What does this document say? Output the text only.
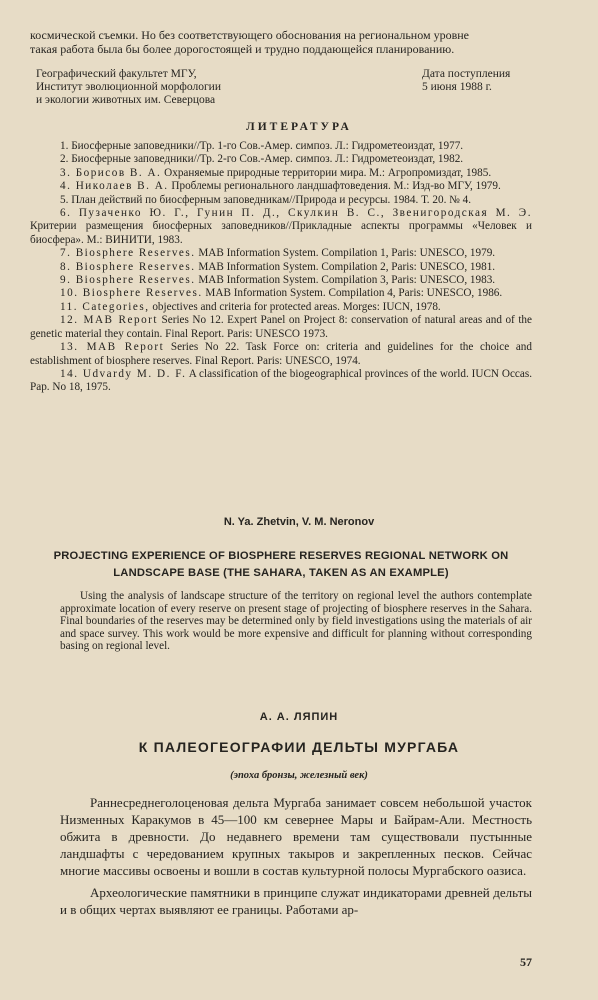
космической съемки. Но без соответствующего обоснования на региональном уровне
такая работа была бы более дорогостоящей и трудно поддающейся планированию.
Географический факультет МГУ,
Институт эволюционной морфологии
и экологии животных им. Северцова
Дата поступления
5 июня 1988 г.
ЛИТЕРАТУРА

1. Биосферные заповедники//Тр. 1-го Сов.-Амер. симпоз. Л.: Гидрометеоиздат, 1977.

2. Биосферные заповедники//Тр. 2-го Сов.-Амер. симпоз. Л.: Гидрометеоиздат, 1982.

3. Борисов В. А. Охраняемые природные территории мира. М.: Агропромиздат, 1985.

4. Николаев В. А. Проблемы регионального ландшафтоведения. М.: Изд-во МГУ, 1979.

5. План действий по биосферным заповедникам//Природа и ресурсы. 1984. Т. 20. № 4.

6. Пузаченко Ю. Г., Гунин П. Д., Скулкин В. С., Звенигородская М. Э. Критерии размещения биосферных заповедников//Прикладные аспекты программы «Человек и биосфера». М.: ВИНИТИ, 1983.

7. Biosphere Reserves. MAB Information System. Compilation 1, Paris: UNESCO, 1979.

8. Biosphere Reserves. MAB Information System. Compilation 2, Paris: UNESCO, 1981.

9. Biosphere Reserves. MAB Information System. Compilation 3, Paris: UNESCO, 1983.

10. Biosphere Reserves. MAB Information System. Compilation 4, Paris: UNESCO, 1986.

11. Categories, objectives and criteria for protected areas. Morges: IUCN, 1978.

12. MAB Report Series No 12. Expert Panel on Project 8: conservation of natural areas and of the genetic material they contain. Final Report. Paris: UNESCO 1973.

13. MAB Report Series No 22. Task Force on: criteria and guidelines for the choice and establishment of biosphere reserves. Final Report. Paris: UNESCO, 1974.

14. Udvardy M. D. F. A classification of the biogeographical provinces of the world. IUCN Occas. Pap. No 18, 1975.

N. Ya. Zhetvin, V. M. Neronov
PROJECTING EXPERIENCE OF BIOSPHERE RESERVES REGIONAL NETWORK ON LANDSCAPE BASE (THE SAHARA, TAKEN AS AN EXAMPLE)

Using the analysis of landscape structure of the territory on regional level the authors contemplate approximate location of every reserve on present stage of projecting of biosphere reserves in the Sahara. Final boundaries of the reserves may be determined only by field investigations using the materials of air and space survey. This work would be more expensive and difficult for planning without corresponding basing on regional level.

А. А. ЛЯПИН
К ПАЛЕОГЕОГРАФИИ ДЕЛЬТЫ МУРГАБА
(эпоха бронзы, железный век)

Раннесреднеголоценовая дельта Мургаба занимает совсем небольшой участок Низменных Каракумов в 45—100 км севернее Мары и Байрам-Али. Местность обжита в древности. До недавнего времени там существовали пустынные ландшафты с чередованием крупных такыров и закрепленных песков. Сейчас многие массивы освоены и вошли в состав культурной полосы Мургабского оазиса.

Археологические памятники в принципе служат индикаторами древней дельты и в общих чертах выявляют ее границы. Работами ар-

57
